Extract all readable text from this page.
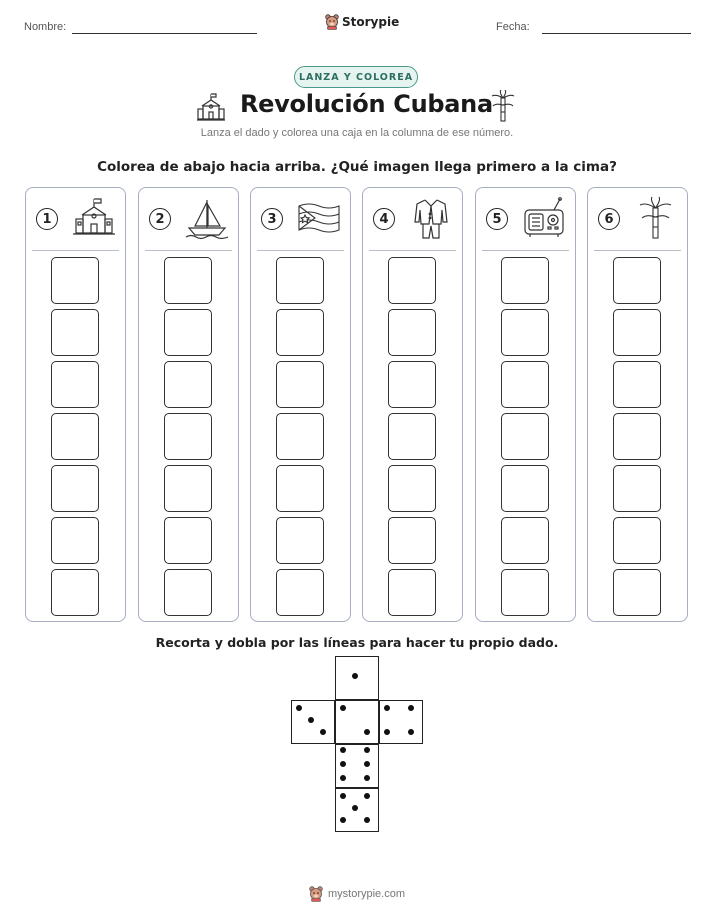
Nombre:	Storypie	Fecha:
LANZA Y COLOREA
Revolución Cubana
Lanza el dado y colorea una caja en la columna de ese número.
Colorea de abajo hacia arriba. ¿Qué imagen llega primero a la cima?
1	2	3	4	5	6
Recorta y dobla por las líneas para hacer tu propio dado.
mystorypie.com
